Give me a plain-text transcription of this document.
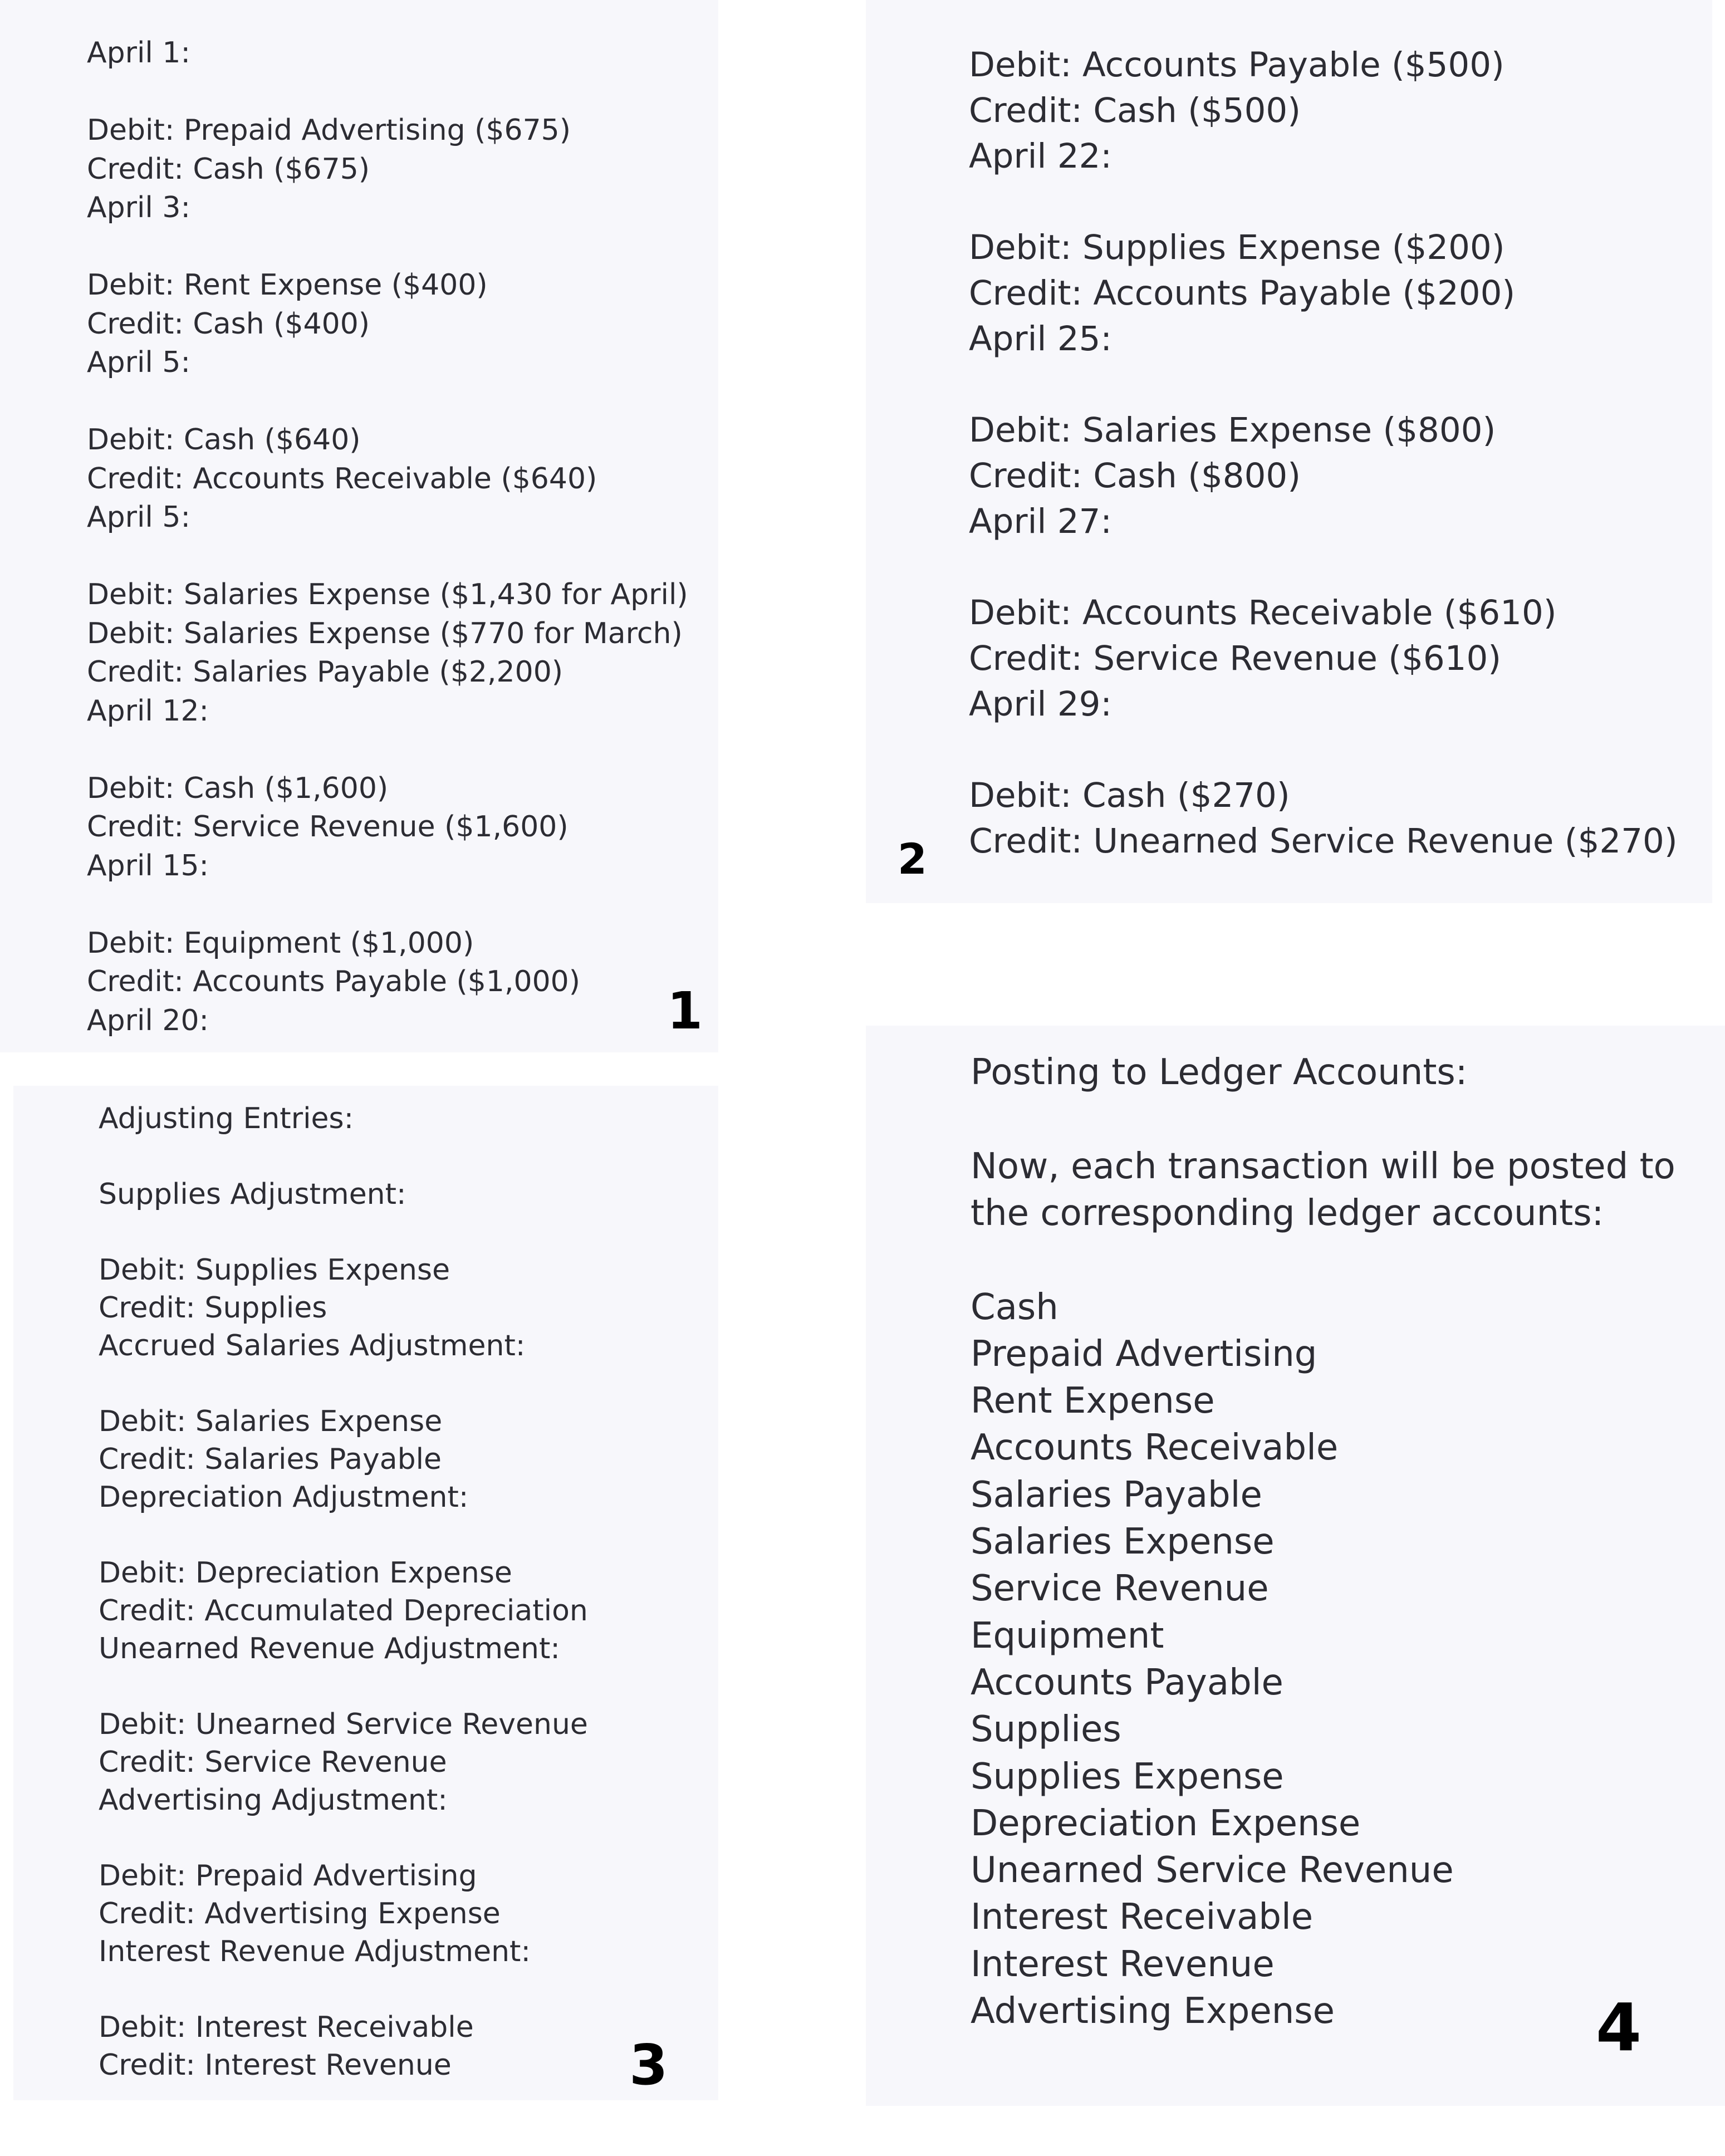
April 1:
Debit: Prepaid Advertising ($675)
Credit: Cash ($675)
April 3:
Debit: Rent Expense ($400)
Credit: Cash ($400)
April 5:
Debit: Cash ($640)
Credit: Accounts Receivable ($640)
April 5:
Debit: Salaries Expense ($1,430 for April)
Debit: Salaries Expense ($770 for March)
Credit: Salaries Payable ($2,200)
April 12:
Debit: Cash ($1,600)
Credit: Service Revenue ($1,600)
April 15:
Debit: Equipment ($1,000)
Credit: Accounts Payable ($1,000)
April 20:
Debit: Accounts Payable ($500)
Credit: Cash ($500)
April 22:
Debit: Supplies Expense ($200)
Credit: Accounts Payable ($200)
April 25:
Debit: Salaries Expense ($800)
Credit: Cash ($800)
April 27:
Debit: Accounts Receivable ($610)
Credit: Service Revenue ($610)
April 29:
Debit: Cash ($270)
Credit: Unearned Service Revenue ($270)
Adjusting Entries:
Supplies Adjustment:
Debit: Supplies Expense
Credit: Supplies
Accrued Salaries Adjustment:
Debit: Salaries Expense
Credit: Salaries Payable
Depreciation Adjustment:
Debit: Depreciation Expense
Credit: Accumulated Depreciation
Unearned Revenue Adjustment:
Debit: Unearned Service Revenue
Credit: Service Revenue
Advertising Adjustment:
Debit: Prepaid Advertising
Credit: Advertising Expense
Interest Revenue Adjustment:
Debit: Interest Receivable
Credit: Interest Revenue
Posting to Ledger Accounts:
Now, each transaction will be posted to
the corresponding ledger accounts:
Cash
Prepaid Advertising
Rent Expense
Accounts Receivable
Salaries Payable
Salaries Expense
Service Revenue
Equipment
Accounts Payable
Supplies
Supplies Expense
Depreciation Expense
Unearned Service Revenue
Interest Receivable
Interest Revenue
Advertising Expense
1
2
3	4
